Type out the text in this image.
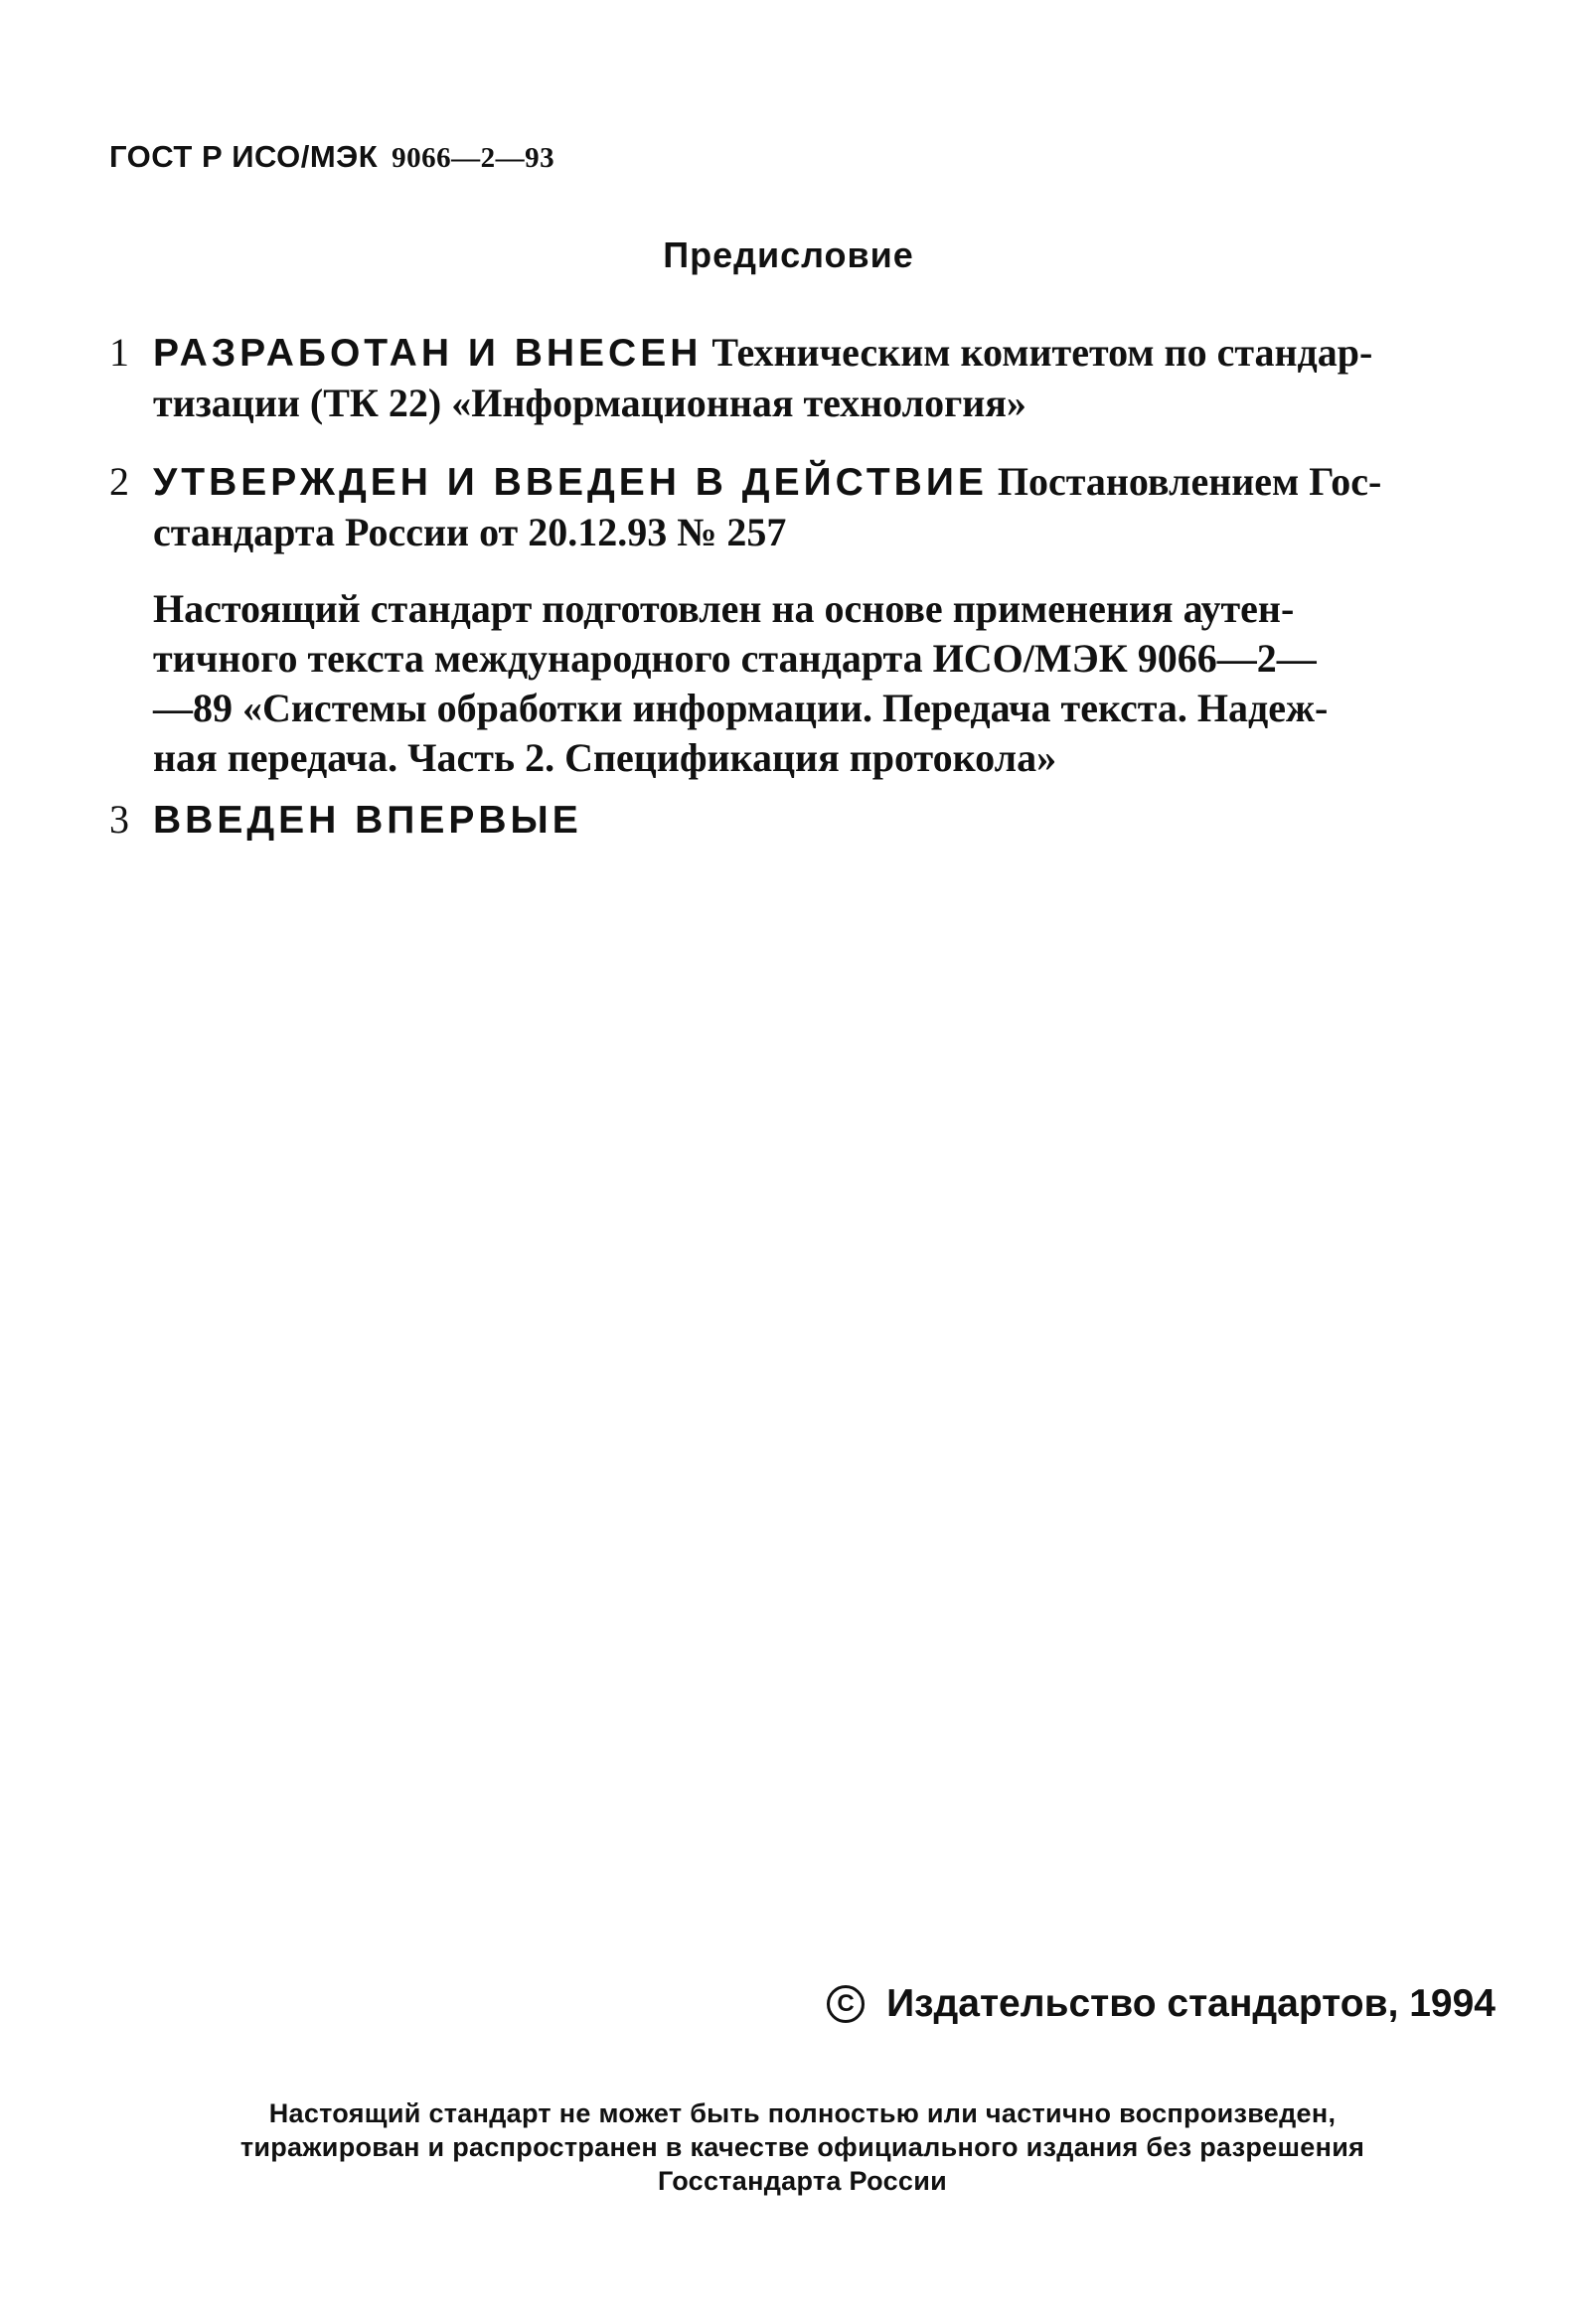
ГОСТ Р ИСО/МЭК 9066—2—93
Предисловие
1 РАЗРАБОТАН И ВНЕСЕН Техническим комитетом по стандар-
тизации (ТК 22) «Информационная технология»
2 УТВЕРЖДЕН И ВВЕДЕН В ДЕЙСТВИЕ Постановлением Гос-
стандарта России от 20.12.93 № 257
Настоящий стандарт подготовлен на основе применения аутен-
тичного текста международного стандарта ИСО/МЭК 9066—2—
—89 «Системы обработки информации. Передача текста. Надеж-
ная передача. Часть 2. Спецификация протокола»
3 ВВЕДЕН ВПЕРВЫЕ
C Издательство стандартов, 1994
Настоящий стандарт не может быть полностью или частично воспроизведен,
тиражирован и распространен в качестве официального издания без разрешения
Госстандарта России
